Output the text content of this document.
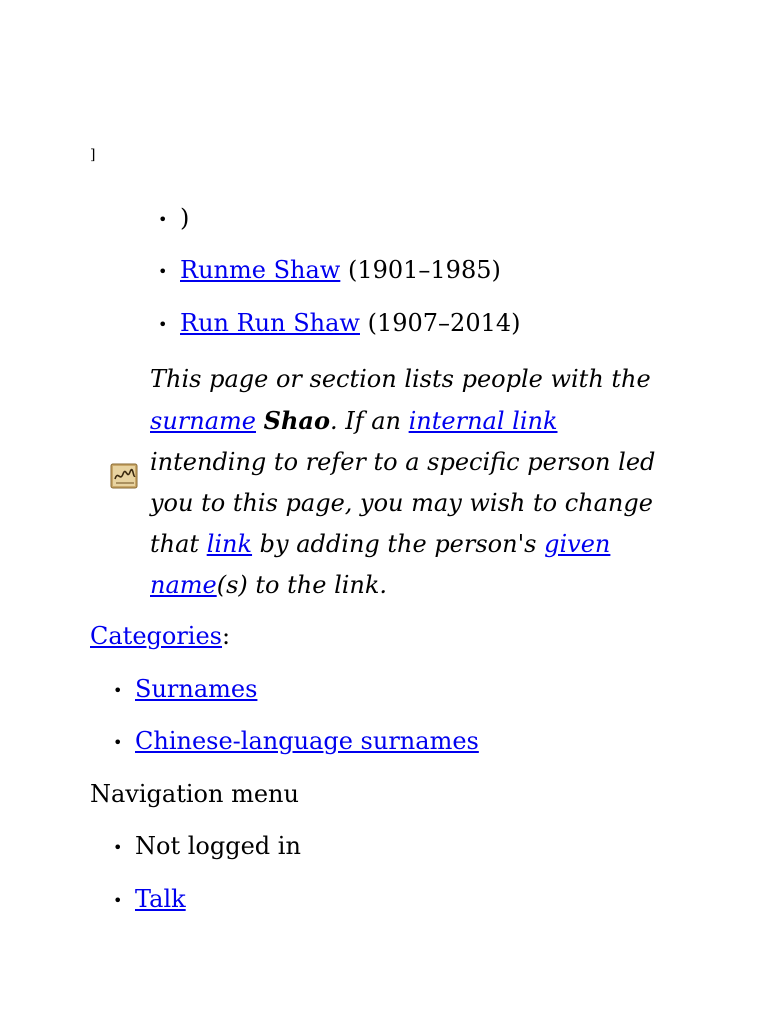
]
• )
• Runme Shaw (1901–1985)
• Run Run Shaw (1907–2014)
This page or section lists people with the surname Shao. If an internal link intending to refer to a specific person led you to this page, you may wish to change that link by adding the person's given name(s) to the link.
Categories:
• Surnames
• Chinese-language surnames
Navigation menu
• Not logged in
• Talk
